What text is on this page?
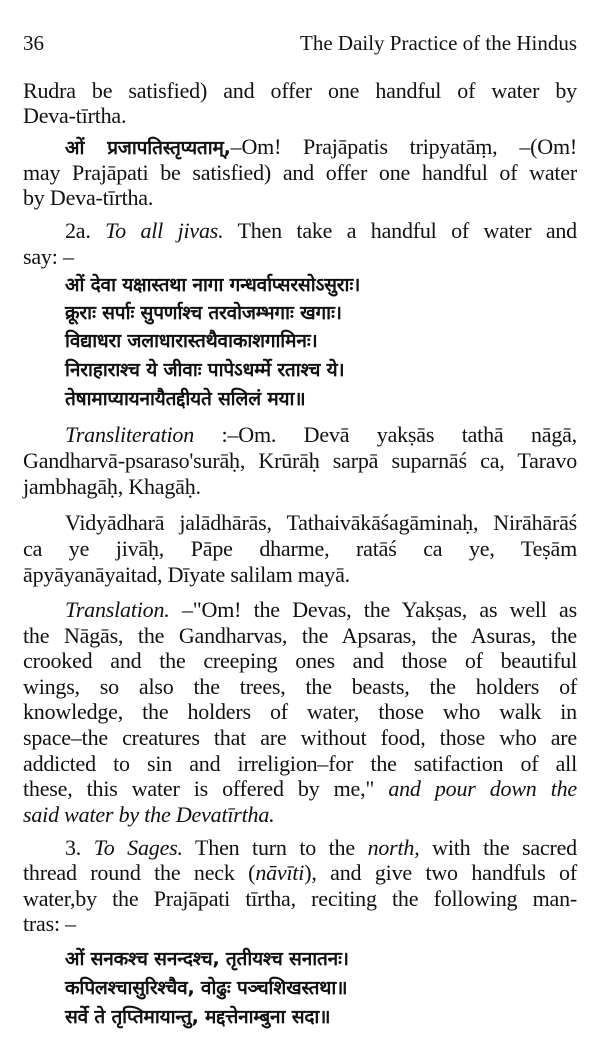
36	The Daily Practice of the Hindus
Rudra be satisfied) and offer one handful of water by
Deva-tīrtha.
ओं प्रजापतिस्तृप्यताम्,–Om! Prajāpatis tripyatāṃ, –(Om!
may Prajāpati be satisfied) and offer one handful of water
by Deva-tīrtha.
2a. To all jivas. Then take a handful of water and
say: –
ओं देवा यक्षास्तथा नागा गन्धर्वाप्सरसोऽसुराः।
क्रूराः सर्पाः सुपर्णाश्च तरवोजम्भगाः खगाः।
विद्याधरा जलाधारास्तथैवाकाशगामिनः।
निराहाराश्च ये जीवाः पापेऽधर्म्मे रताश्च ये।
तेषामाप्यायनायैतद्दीयते सलिलं मया॥
Transliteration :–Om. Devā yakṣās tathā nāgā,
Gandharvā-psaraso'surāḥ, Krūrāḥ sarpā suparnāś ca, Taravo
jambhagāḥ, Khagāḥ.
Vidyādharā jalādhārās, Tathaivākāśagāminaḥ, Nirāhārāś
ca ye jivāḥ, Pāpe dharme, ratāś ca ye, Teṣām
āpyāyanāyaitad, Dīyate salilam mayā.
Translation. –"Om! the Devas, the Yakṣas, as well as
the Nāgās, the Gandharvas, the Apsaras, the Asuras, the
crooked and the creeping ones and those of beautiful
wings, so also the trees, the beasts, the holders of
knowledge, the holders of water, those who walk in
space–the creatures that are without food, those who are
addicted to sin and irreligion–for the satifaction of all
these, this water is offered by me," and pour down the
said water by the Devatīrtha.
3. To Sages. Then turn to the north, with the sacred
thread round the neck (nāvīti), and give two handfuls of
water,by the Prajāpati tīrtha, reciting the following man-
tras: –
ओं सनकश्च सनन्दश्च, तृतीयश्च सनातनः।
कपिलश्चासुरिश्चैव, वोढुः पञ्चशिखस्तथा॥
सर्वे ते तृप्तिमायान्तु, मद्दत्तेनाम्बुना सदा॥
